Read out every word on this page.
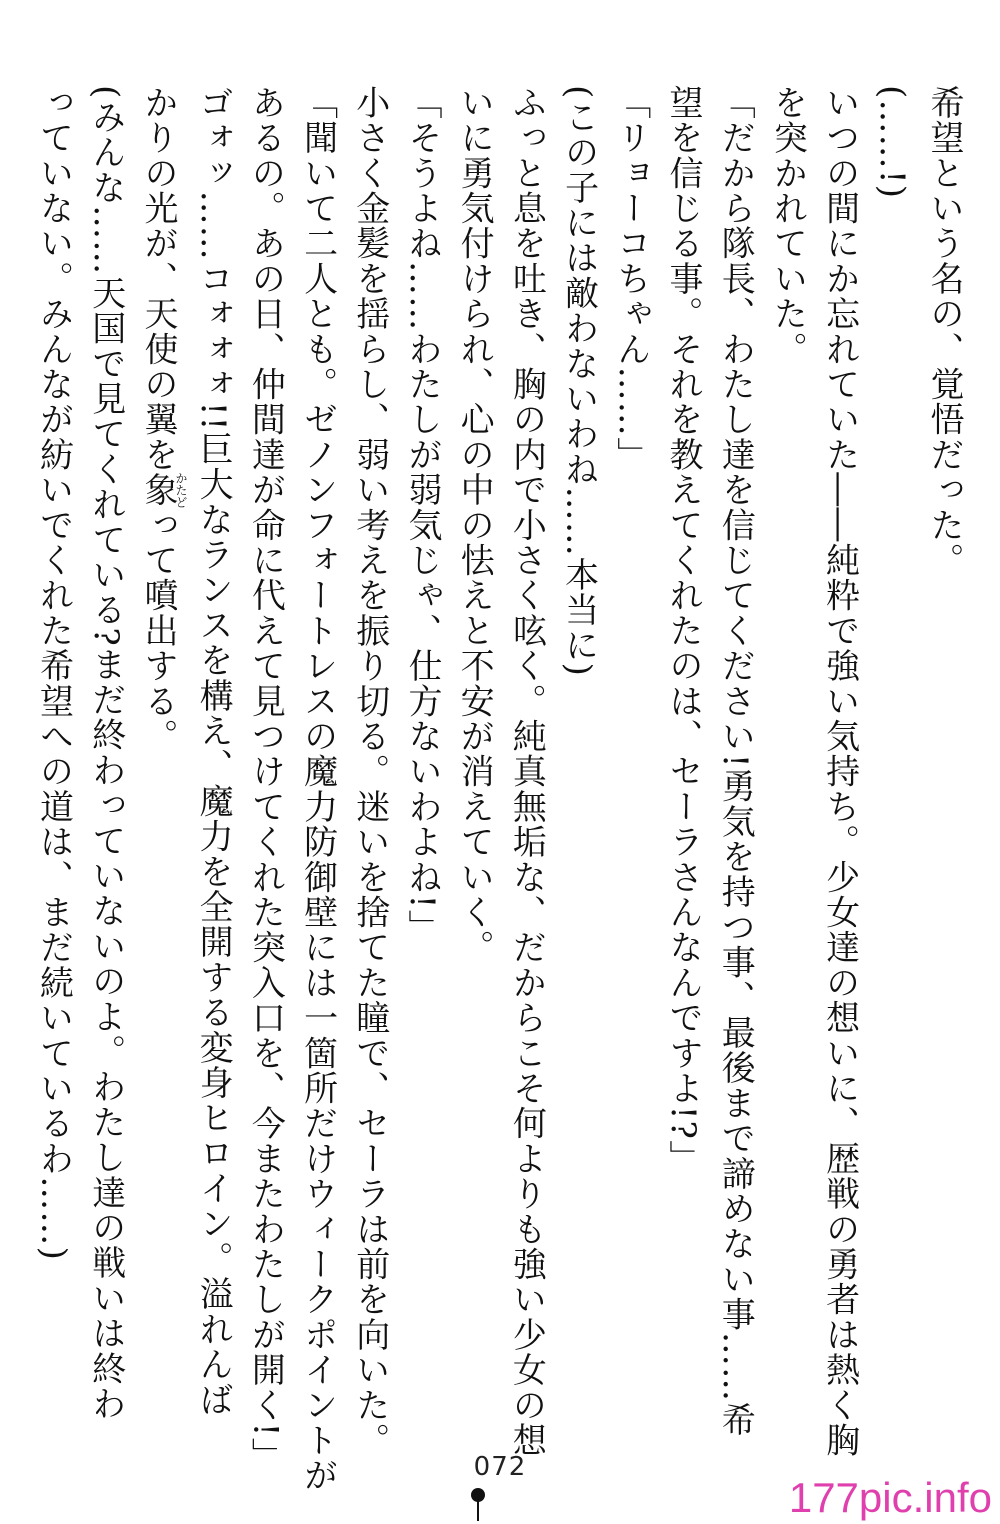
希望という名の、覚悟だった。
(……!)
いつの間にか忘れていた――純粋で強い気持ち。少女達の想いに、歴戦の勇者は熱く胸
を突かれていた。
「だから隊長、わたし達を信じてください!勇気を持つ事、最後まで諦めない事……希
望を信じる事。それを教えてくれたのは、セーラさんなんですよ!?」
「リョーコちゃん……」
(この子には敵わないわね……本当に)
ふっと息を吐き、胸の内で小さく呟く。純真無垢な、だからこそ何よりも強い少女の想
いに勇気付けられ、心の中の怯えと不安が消えていく。
「そうよね……わたしが弱気じゃ、仕方ないわよね!」
小さく金髪を揺らし、弱い考えを振り切る。迷いを捨てた瞳で、セーラは前を向いた。
「聞いて二人とも。ゼノンフォートレスの魔力防御壁には一箇所だけウィークポイントが
あるの。あの日、仲間達が命に代えて見つけてくれた突入口を、今またわたしが開く!」
ゴォッ……コォォォ!!巨大なランスを構え、魔力を全開する変身ヒロイン。溢れんば
かりの光が、天使の翼を象かたどって噴出する。
(みんな……天国で見てくれている?まだ終わっていないのよ。わたし達の戦いは終わ
っていない。みんなが紡いでくれた希望への道は、まだ続いているわ……)
072
177pic.info
